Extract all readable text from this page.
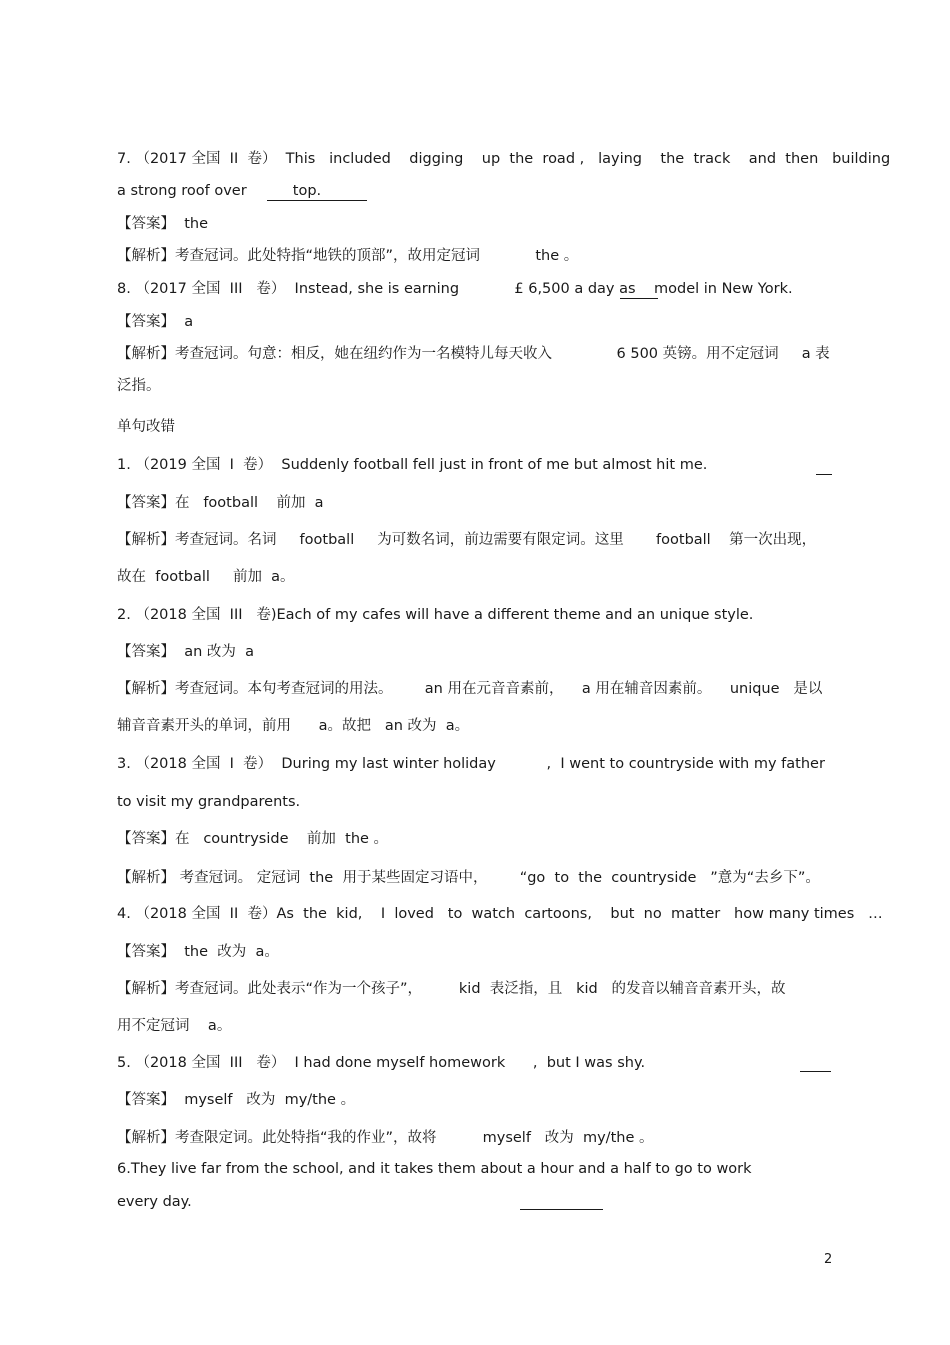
7. （2017 全国  II  卷）  This   included    digging    up  the  road ,   laying    the  track    and  then   building
a strong roof over          top.
【答案】  the
【解析】考查冠词。此处特指“地铁的顶部”，故用定冠词            the 。
8. （2017 全国  III   卷）  Instead, she is earning            £ 6,500 a day as    model in New York.
【答案】  a
【解析】考查冠词。句意：相反，她在纽约作为一名模特儿每天收入              6 500 英镑。用不定冠词     a 表
泛指。
单句改错
1. （2019 全国  I  卷）  Suddenly football fell just in front of me but almost hit me.
【答案】在   football    前加  a
【解析】考查冠词。名词     football     为可数名词，前边需要有限定词。这里       football    第一次出现，
故在  football     前加  a。
2. （2018 全国  III   卷)Each of my cafes will have a different theme and an unique style.
【答案】  an 改为  a
【解析】考查冠词。本句考查冠词的用法。       an 用在元音音素前，    a 用在辅音因素前。    unique   是以
辅音音素开头的单词，前用      a。故把   an 改为  a。
3. （2018 全国  I  卷）  During my last winter holiday           ,  I went to countryside with my father
to visit my grandparents.
【答案】在   countryside    前加  the 。
【解析】 考查冠词。 定冠词  the  用于某些固定习语中，       “go  to  the  countryside   ”意为“去乡下”。
4. （2018 全国  II  卷）As  the  kid,    I  loved   to  watch  cartoons,    but  no  matter   how many times   …
【答案】  the  改为  a。
【解析】考查冠词。此处表示“作为一个孩子”，        kid  表泛指，且   kid   的发音以辅音音素开头，故
用不定冠词    a。
5. （2018 全国  III   卷）  I had done myself homework      ,  but I was shy.
【答案】  myself   改为  my/the 。
【解析】考查限定词。此处特指“我的作业”，故将          myself   改为  my/the 。
6.They live far from the school, and it takes them about a hour and a half to go to work
every day.
2
